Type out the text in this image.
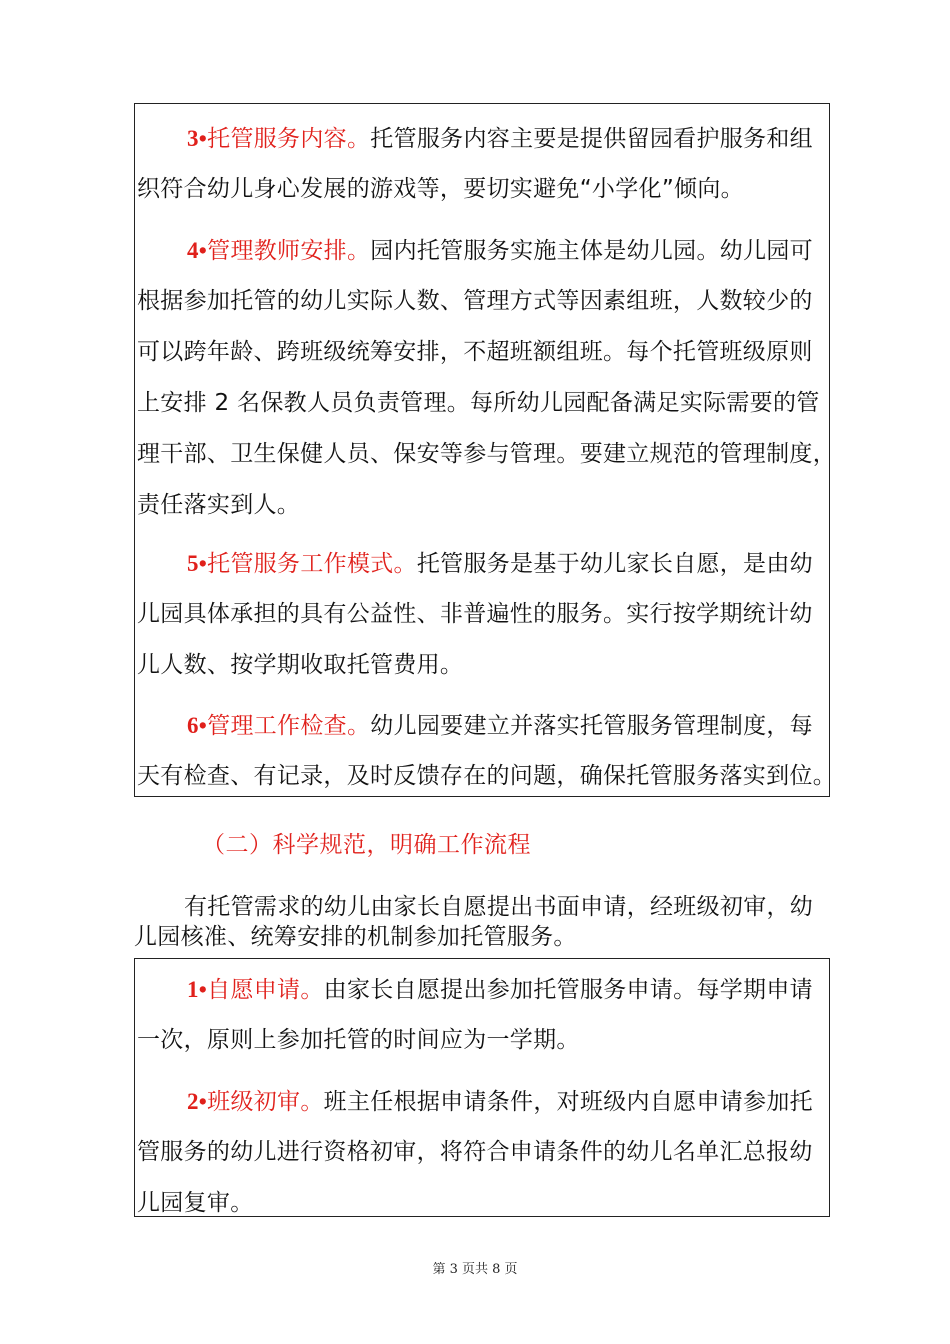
3•托管服务内容。托管服务内容主要是提供留园看护服务和组
织符合幼儿身心发展的游戏等，要切实避免“小学化”倾向。
4•管理教师安排。园内托管服务实施主体是幼儿园。幼儿园可
根据参加托管的幼儿实际人数、管理方式等因素组班，人数较少的
可以跨年龄、跨班级统筹安排，不超班额组班。每个托管班级原则
上安排 2 名保教人员负责管理。每所幼儿园配备满足实际需要的管
理干部、卫生保健人员、保安等参与管理。要建立规范的管理制度，
责任落实到人。
5•托管服务工作模式。托管服务是基于幼儿家长自愿，是由幼
儿园具体承担的具有公益性、非普遍性的服务。实行按学期统计幼
儿人数、按学期收取托管费用。
6•管理工作检查。幼儿园要建立并落实托管服务管理制度，每
天有检查、有记录，及时反馈存在的问题，确保托管服务落实到位。
（二）科学规范，明确工作流程
有托管需求的幼儿由家长自愿提出书面申请，经班级初审，幼
儿园核准、统筹安排的机制参加托管服务。
1•自愿申请。由家长自愿提出参加托管服务申请。每学期申请
一次，原则上参加托管的时间应为一学期。
2•班级初审。班主任根据申请条件，对班级内自愿申请参加托
管服务的幼儿进行资格初审，将符合申请条件的幼儿名单汇总报幼
儿园复审。
第 3 页共 8 页
